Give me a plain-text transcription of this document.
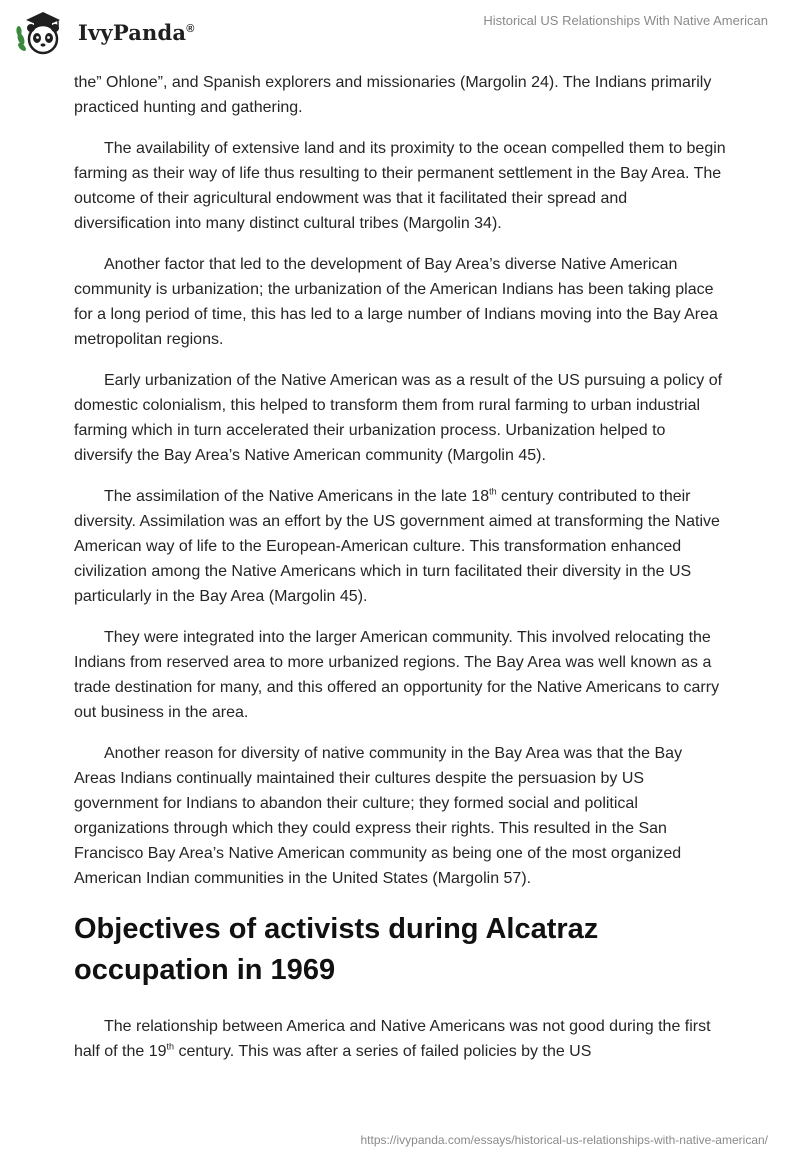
IvyPanda®
Historical US Relationships With Native American

the” Ohlone”, and Spanish explorers and missionaries (Margolin 24). The Indians primarily practiced hunting and gathering.

The availability of extensive land and its proximity to the ocean compelled them to begin farming as their way of life thus resulting to their permanent settlement in the Bay Area. The outcome of their agricultural endowment was that it facilitated their spread and diversification into many distinct cultural tribes (Margolin 34).

Another factor that led to the development of Bay Area’s diverse Native American community is urbanization; the urbanization of the American Indians has been taking place for a long period of time, this has led to a large number of Indians moving into the Bay Area metropolitan regions.

Early urbanization of the Native American was as a result of the US pursuing a policy of domestic colonialism, this helped to transform them from rural farming to urban industrial farming which in turn accelerated their urbanization process. Urbanization helped to diversify the Bay Area’s Native American community (Margolin 45).

The assimilation of the Native Americans in the late 18th century contributed to their diversity. Assimilation was an effort by the US government aimed at transforming the Native American way of life to the European-American culture. This transformation enhanced civilization among the Native Americans which in turn facilitated their diversity in the US particularly in the Bay Area (Margolin 45).

They were integrated into the larger American community. This involved relocating the Indians from reserved area to more urbanized regions. The Bay Area was well known as a trade destination for many, and this offered an opportunity for the Native Americans to carry out business in the area.

Another reason for diversity of native community in the Bay Area was that the Bay Areas Indians continually maintained their cultures despite the persuasion by US government for Indians to abandon their culture; they formed social and political organizations through which they could express their rights. This resulted in the San Francisco Bay Area’s Native American community as being one of the most organized American Indian communities in the United States (Margolin 57).

Objectives of activists during Alcatraz occupation in 1969

The relationship between America and Native Americans was not good during the first half of the 19th century. This was after a series of failed policies by the US

https://ivypanda.com/essays/historical-us-relationships-with-native-american/
